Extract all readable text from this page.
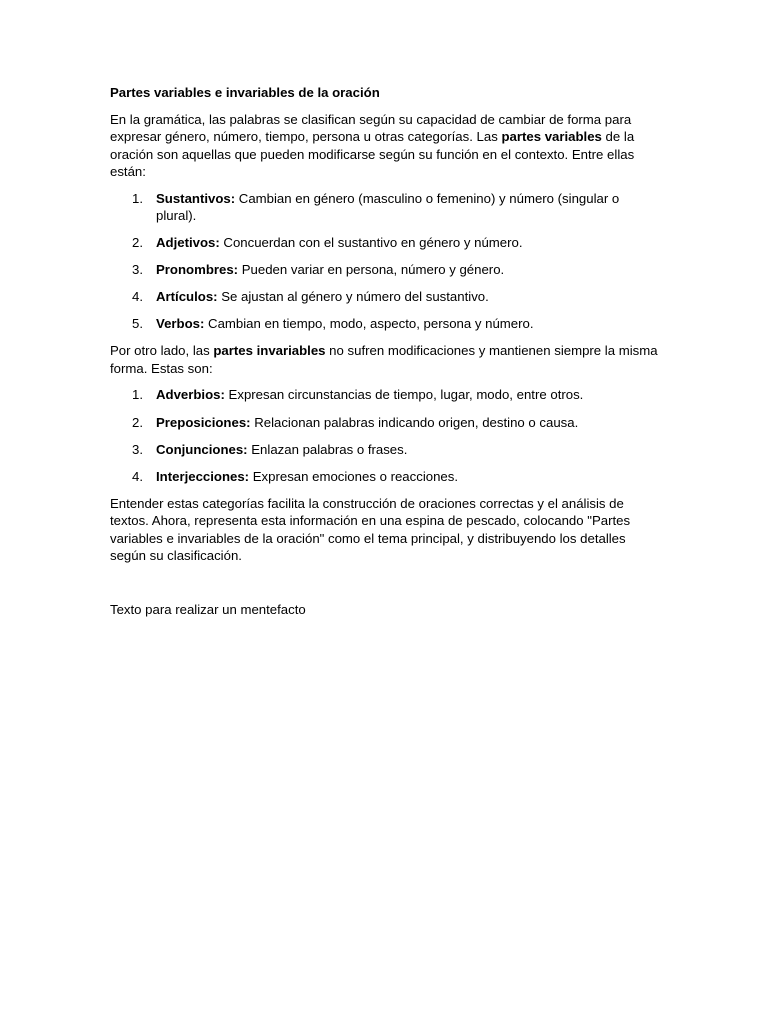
Partes variables e invariables de la oración

En la gramática, las palabras se clasifican según su capacidad de cambiar de forma para expresar género, número, tiempo, persona u otras categorías. Las partes variables de la oración son aquellas que pueden modificarse según su función en el contexto. Entre ellas están:

1. Sustantivos: Cambian en género (masculino o femenino) y número (singular o plural).
2. Adjetivos: Concuerdan con el sustantivo en género y número.
3. Pronombres: Pueden variar en persona, número y género.
4. Artículos: Se ajustan al género y número del sustantivo.
5. Verbos: Cambian en tiempo, modo, aspecto, persona y número.

Por otro lado, las partes invariables no sufren modificaciones y mantienen siempre la misma forma. Estas son:

1. Adverbios: Expresan circunstancias de tiempo, lugar, modo, entre otros.
2. Preposiciones: Relacionan palabras indicando origen, destino o causa.
3. Conjunciones: Enlazan palabras o frases.
4. Interjecciones: Expresan emociones o reacciones.

Entender estas categorías facilita la construcción de oraciones correctas y el análisis de textos. Ahora, representa esta información en una espina de pescado, colocando "Partes variables e invariables de la oración" como el tema principal, y distribuyendo los detalles según su clasificación.

Texto para realizar un mentefacto
